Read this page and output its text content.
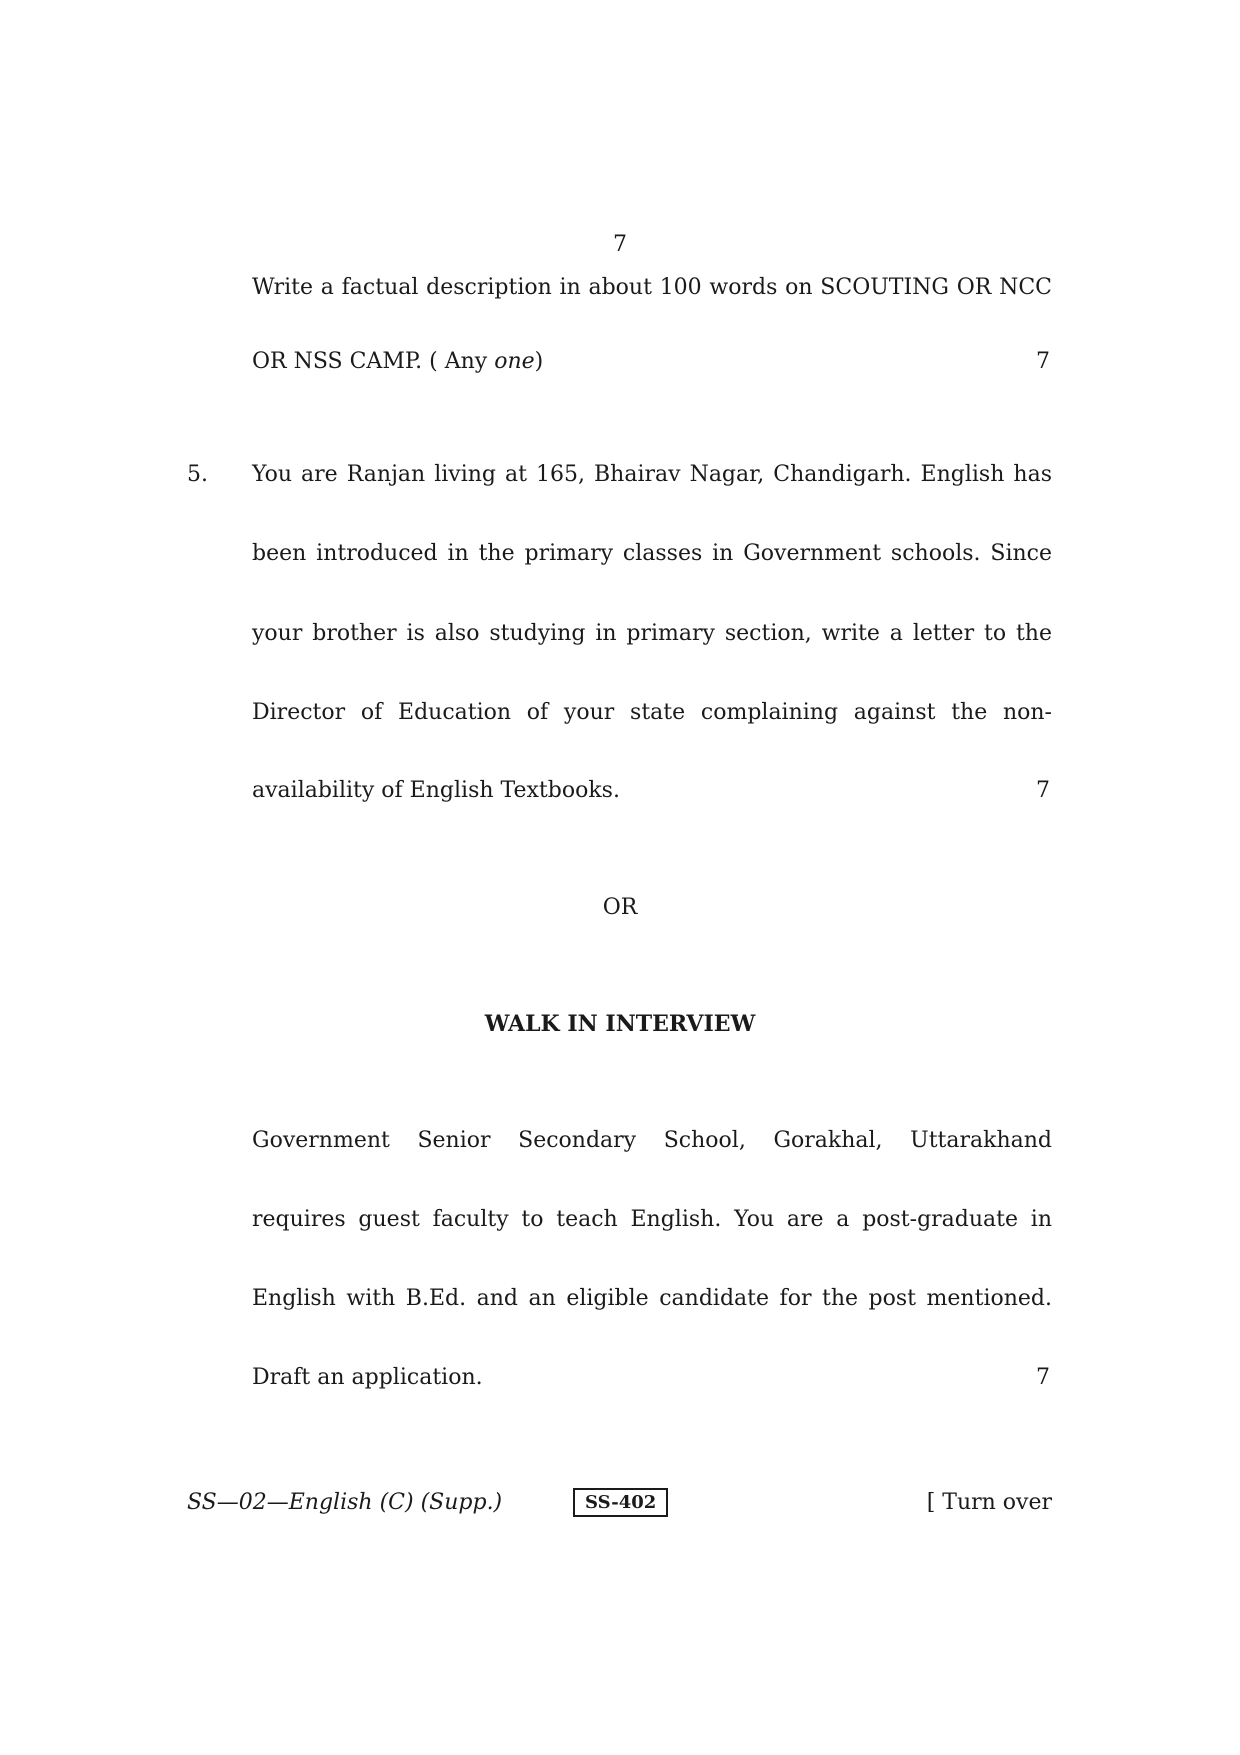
7
Write a factual description in about 100 words on SCOUTING OR NCC
OR NSS CAMP. ( Any one)	7
5. You are Ranjan living at 165, Bhairav Nagar, Chandigarh. English has
been introduced in the primary classes in Government schools. Since
your brother is also studying in primary section, write a letter to the
Director of Education of your state complaining against the non-
availability of English Textbooks.	7
OR
WALK IN INTERVIEW
Government Senior Secondary School, Gorakhal, Uttarakhand
requires guest faculty to teach English. You are a post-graduate in
English with B.Ed. and an eligible candidate for the post mentioned.
Draft an application.	7
SS—02—English (C) (Supp.)	SS-402	[ Turn over
